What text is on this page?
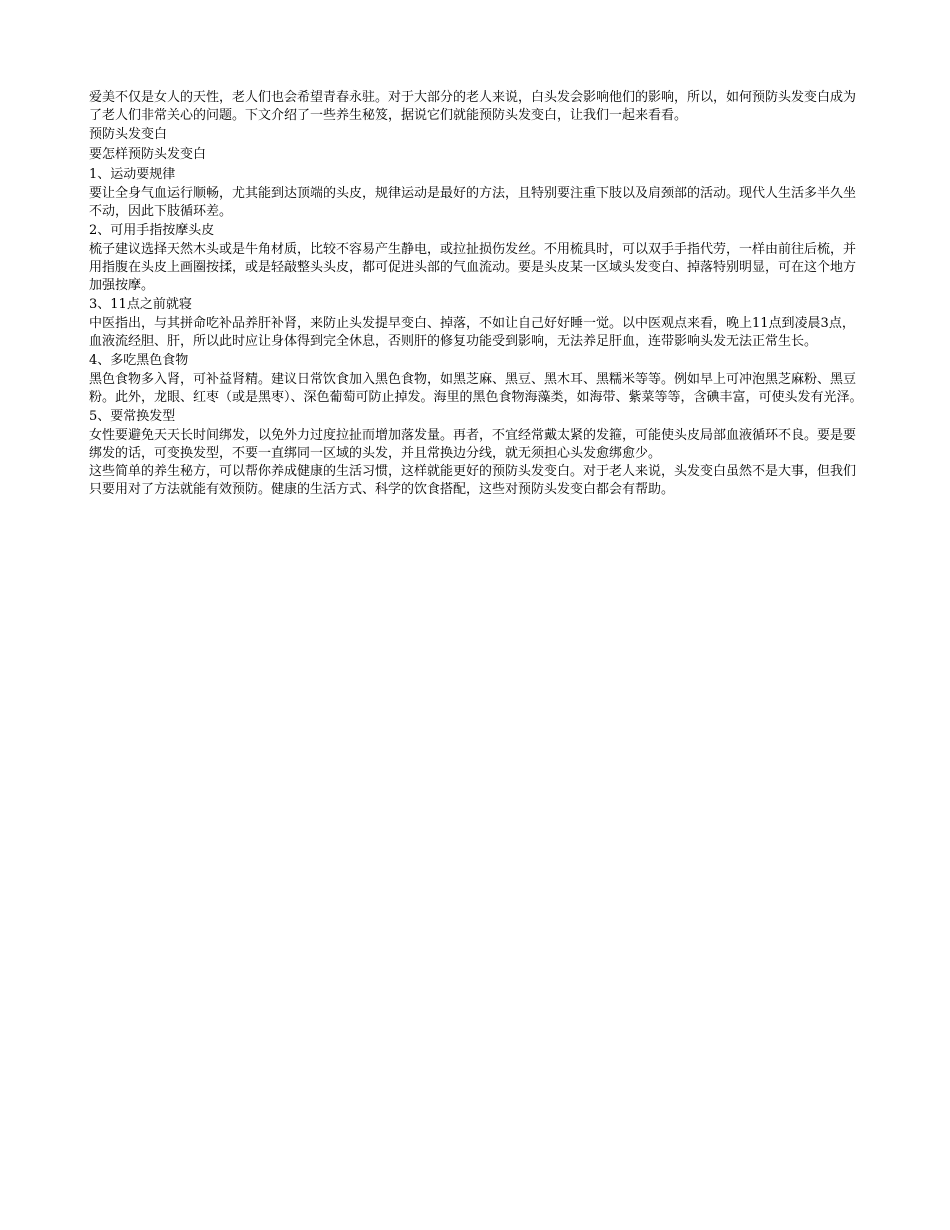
爱美不仅是女人的天性，老人们也会希望青春永驻。对于大部分的老人来说，白头发会影响他们的影响，所以，如何预防头发变白成为了老人们非常关心的问题。下文介绍了一些养生秘笈，据说它们就能预防头发变白，让我们一起来看看。

预防头发变白

要怎样预防头发变白

1、运动要规律

要让全身气血运行顺畅，尤其能到达顶端的头皮，规律运动是最好的方法，且特别要注重下肢以及肩颈部的活动。现代人生活多半久坐不动，因此下肢循环差。

2、可用手指按摩头皮

梳子建议选择天然木头或是牛角材质，比较不容易产生静电，或拉扯损伤发丝。不用梳具时，可以双手手指代劳，一样由前往后梳，并用指腹在头皮上画圈按揉，或是轻敲整头头皮，都可促进头部的气血流动。要是头皮某一区域头发变白、掉落特别明显，可在这个地方加强按摩。

3、11点之前就寝

中医指出，与其拼命吃补品养肝补肾，来防止头发提早变白、掉落，不如让自己好好睡一觉。以中医观点来看，晚上11点到凌晨3点，血液流经胆、肝，所以此时应让身体得到完全休息，否则肝的修复功能受到影响，无法养足肝血，连带影响头发无法正常生长。

4、多吃黑色食物

黑色食物多入肾，可补益肾精。建议日常饮食加入黑色食物，如黑芝麻、黑豆、黑木耳、黑糯米等等。例如早上可冲泡黑芝麻粉、黑豆粉。此外，龙眼、红枣（或是黑枣）、深色葡萄可防止掉发。海里的黑色食物海藻类，如海带、紫菜等等，含碘丰富，可使头发有光泽。

5、要常换发型

女性要避免天天长时间绑发，以免外力过度拉扯而增加落发量。再者，不宜经常戴太紧的发箍，可能使头皮局部血液循环不良。要是要绑发的话，可变换发型，不要一直绑同一区域的头发，并且常换边分线，就无须担心头发愈绑愈少。

这些简单的养生秘方，可以帮你养成健康的生活习惯，这样就能更好的预防头发变白。对于老人来说，头发变白虽然不是大事，但我们只要用对了方法就能有效预防。健康的生活方式、科学的饮食搭配，这些对预防头发变白都会有帮助。
